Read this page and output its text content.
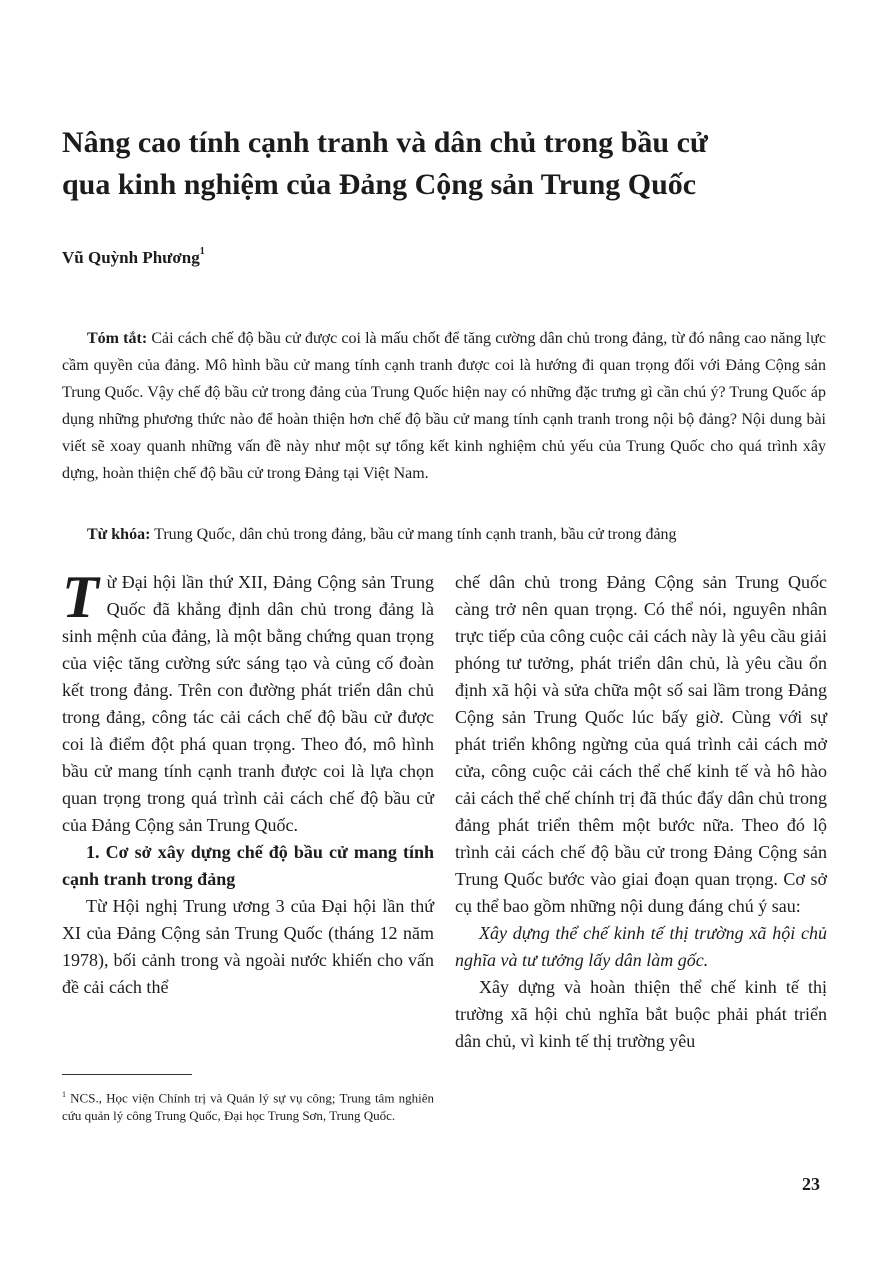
Nâng cao tính cạnh tranh và dân chủ trong bầu cử
qua kinh nghiệm của Đảng Cộng sản Trung Quốc
Vũ Quỳnh Phương$^1$

Tóm tắt: Cải cách chế độ bầu cử được coi là mấu chốt để tăng cường dân chủ trong đảng, từ đó nâng cao năng lực cầm quyền của đảng. Mô hình bầu cử mang tính cạnh tranh được coi là hướng đi quan trọng đối với Đảng Cộng sản Trung Quốc. Vậy chế độ bầu cử trong đảng của Trung Quốc hiện nay có những đặc trưng gì cần chú ý? Trung Quốc áp dụng những phương thức nào để hoàn thiện hơn chế độ bầu cử mang tính cạnh tranh trong nội bộ đảng? Nội dung bài viết sẽ xoay quanh những vấn đề này như một sự tổng kết kinh nghiệm chủ yếu của Trung Quốc cho quá trình xây dựng, hoàn thiện chế độ bầu cử trong Đảng tại Việt Nam.

Từ khóa: Trung Quốc, dân chủ trong đảng, bầu cử mang tính cạnh tranh, bầu cử trong đảng

Từ Đại hội lần thứ XII, Đảng Cộng sản Trung Quốc đã khẳng định dân chủ trong đảng là sinh mệnh của đảng, là một bằng chứng quan trọng của việc tăng cường sức sáng tạo và củng cố đoàn kết trong đảng. Trên con đường phát triển dân chủ trong đảng, công tác cải cách chế độ bầu cử được coi là điểm đột phá quan trọng. Theo đó, mô hình bầu cử mang tính cạnh tranh được coi là lựa chọn quan trọng trong quá trình cải cách chế độ bầu cử của Đảng Cộng sản Trung Quốc.

1. Cơ sở xây dựng chế độ bầu cử mang tính cạnh tranh trong đảng

Từ Hội nghị Trung ương 3 của Đại hội lần thứ XI của Đảng Cộng sản Trung Quốc (tháng 12 năm 1978), bối cảnh trong và ngoài nước khiến cho vấn đề cải cách thể

chế dân chủ trong Đảng Cộng sản Trung Quốc càng trở nên quan trọng. Có thể nói, nguyên nhân trực tiếp của công cuộc cải cách này là yêu cầu giải phóng tư tưởng, phát triển dân chủ, là yêu cầu ổn định xã hội và sửa chữa một số sai lầm trong Đảng Cộng sản Trung Quốc lúc bấy giờ. Cùng với sự phát triển không ngừng của quá trình cải cách mở cửa, công cuộc cải cách thể chế kinh tế và hô hào cải cách thể chế chính trị đã thúc đẩy dân chủ trong đảng phát triển thêm một bước nữa. Theo đó lộ trình cải cách chế độ bầu cử trong Đảng Cộng sản Trung Quốc bước vào giai đoạn quan trọng. Cơ sở cụ thể bao gồm những nội dung đáng chú ý sau:

Xây dựng thể chế kinh tế thị trường xã hội chủ nghĩa và tư tưởng lấy dân làm gốc.

Xây dựng và hoàn thiện thể chế kinh tế thị trường xã hội chủ nghĩa bắt buộc phải phát triển dân chủ, vì kinh tế thị trường yêu

$^1$ NCS., Học viện Chính trị và Quản lý sự vụ công; Trung tâm nghiên cứu quản lý công Trung Quốc, Đại học Trung Sơn, Trung Quốc.

23
